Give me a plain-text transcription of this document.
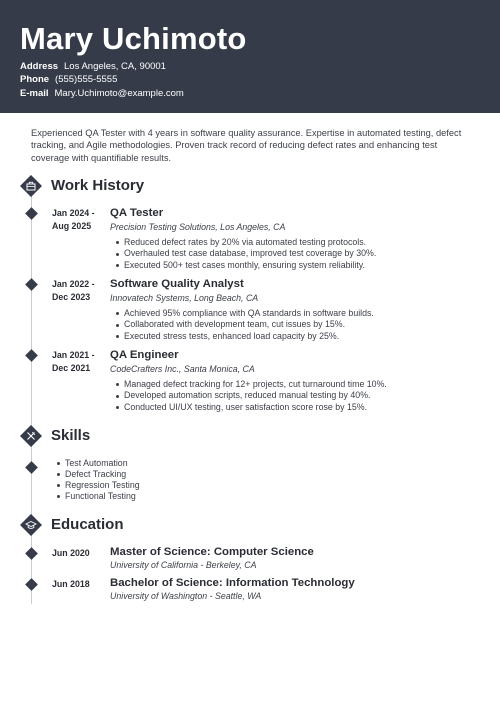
Mary Uchimoto
Address Los Angeles, CA, 90001
Phone (555)555-5555
E-mail Mary.Uchimoto@example.com
Experienced QA Tester with 4 years in software quality assurance. Expertise in automated testing, defect tracking, and Agile methodologies. Proven track record of reducing defect rates and enhancing test coverage with quantifiable results.
Work History
Jan 2024 -
Aug 2025
QA Tester
Precision Testing Solutions, Los Angeles, CA
Reduced defect rates by 20% via automated testing protocols.
Overhauled test case database, improved test coverage by 30%.
Executed 500+ test cases monthly, ensuring system reliability.
Jan 2022 -
Dec 2023
Software Quality Analyst
Innovatech Systems, Long Beach, CA
Achieved 95% compliance with QA standards in software builds.
Collaborated with development team, cut issues by 15%.
Executed stress tests, enhanced load capacity by 25%.
Jan 2021 -
Dec 2021
QA Engineer
CodeCrafters Inc., Santa Monica, CA
Managed defect tracking for 12+ projects, cut turnaround time 10%.
Developed automation scripts, reduced manual testing by 40%.
Conducted UI/UX testing, user satisfaction score rose by 15%.
Skills
Test Automation
Defect Tracking
Regression Testing
Functional Testing
Education
Jun 2020	Master of Science: Computer Science
University of California - Berkeley, CA
Jun 2018	Bachelor of Science: Information Technology
University of Washington - Seattle, WA
